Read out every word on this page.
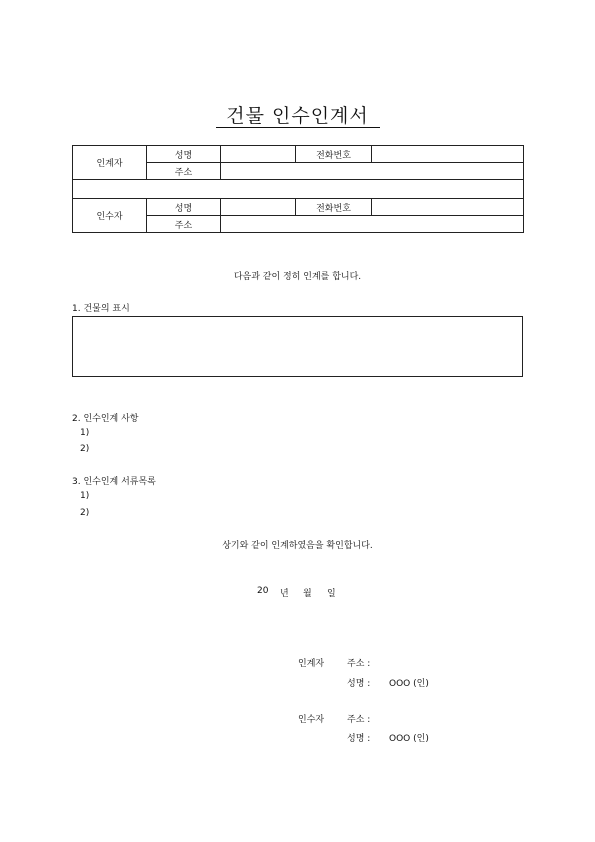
건물 인수인계서
인계자	성명		전화번호	
	주소			

인수자	성명		전화번호	
	주소			
다음과 같이 정히 인계를 합니다.
1. 건물의 표시
2. 인수인계 사항
1)
2)
3. 인수인계 서류목록
1)
2)
상기와 같이 인계하였음을 확인합니다.
20 년 월 일
인계자	주소 :
성명 : OOO (인)
인수자	주소 :
성명 : OOO (인)
